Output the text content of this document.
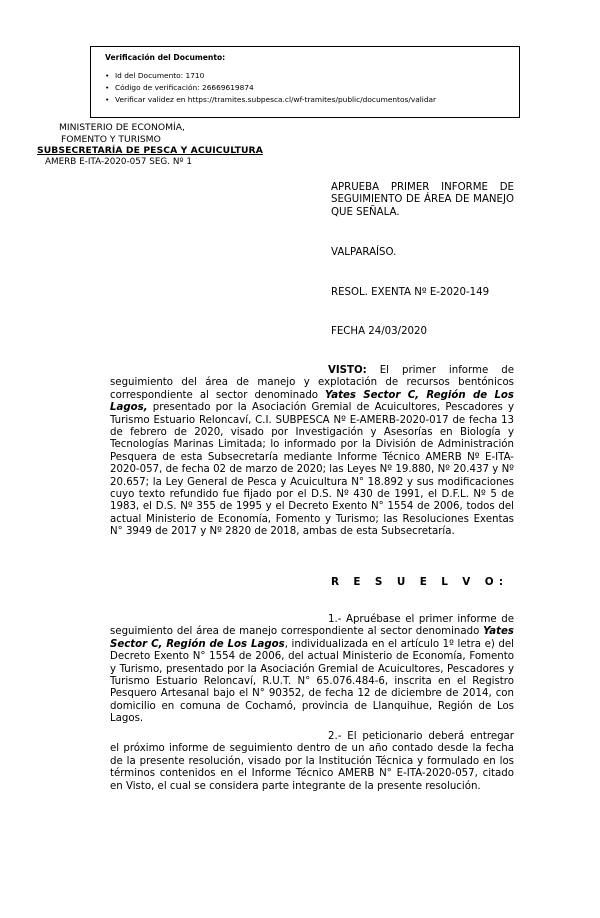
Verificación del Documento:
• Id del Documento: 1710
• Código de verificación: 26669619874
• Verificar validez en https://tramites.subpesca.cl/wf-tramites/public/documentos/validar
MINISTERIO DE ECONOMÍA,
FOMENTO Y TURISMO
SUBSECRETARÍA DE PESCA Y ACUICULTURA
AMERB E-ITA-2020-057 SEG. Nº 1
APRUEBA PRIMER INFORME DE
SEGUIMIENTO DE ÁREA DE MANEJO
QUE SEÑALA.
VALPARAÍSO.
RESOL. EXENTA Nº E-2020-149
FECHA 24/03/2020
VISTO: El primer informe de seguimiento del área de manejo y explotación de recursos bentónicos correspondiente al sector denominado Yates Sector C, Región de Los Lagos, presentado por la Asociación Gremial de Acuicultores, Pescadores y Turismo Estuario Reloncaví, C.I. SUBPESCA Nº E-AMERB-2020-017 de fecha 13 de febrero de 2020, visado por Investigación y Asesorías en Biología y Tecnologías Marinas Limitada; lo informado por la División de Administración Pesquera de esta Subsecretaría mediante Informe Técnico AMERB Nº E-ITA-2020-057, de fecha 02 de marzo de 2020; las Leyes Nº 19.880, Nº 20.437 y Nº 20.657; la Ley General de Pesca y Acuicultura N° 18.892 y sus modificaciones cuyo texto refundido fue fijado por el D.S. Nº 430 de 1991, el D.F.L. Nº 5 de 1983, el D.S. Nº 355 de 1995 y el Decreto Exento N° 1554 de 2006, todos del actual Ministerio de Economía, Fomento y Turismo; las Resoluciones Exentas N° 3949 de 2017 y Nº 2820 de 2018, ambas de esta Subsecretaría.
R E S U E L V O:
1.- Apruébase el primer informe de seguimiento del área de manejo correspondiente al sector denominado Yates Sector C, Región de Los Lagos, individualizada en el artículo 1º letra e) del Decreto Exento N° 1554 de 2006, del actual Ministerio de Economía, Fomento y Turismo, presentado por la Asociación Gremial de Acuicultores, Pescadores y Turismo Estuario Reloncaví, R.U.T. N° 65.076.484-6, inscrita en el Registro Pesquero Artesanal bajo el N° 90352, de fecha 12 de diciembre de 2014, con domicilio en comuna de Cochamó, provincia de Llanquihue, Región de Los Lagos.
2.- El peticionario deberá entregar el próximo informe de seguimiento dentro de un año contado desde la fecha de la presente resolución, visado por la Institución Técnica y formulado en los términos contenidos en el Informe Técnico AMERB N° E-ITA-2020-057, citado en Visto, el cual se considera parte integrante de la presente resolución.
